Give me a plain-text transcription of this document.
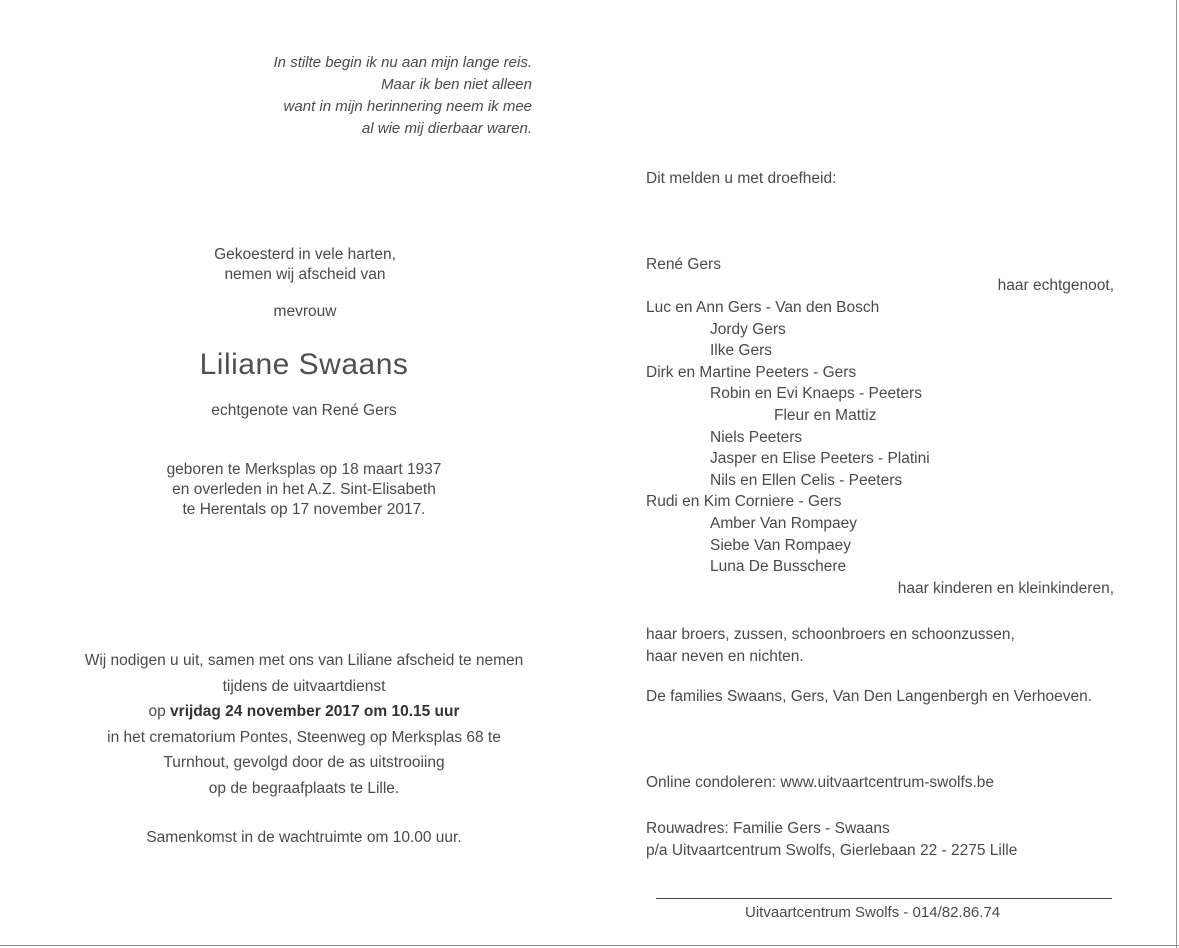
In stilte begin ik nu aan mijn lange reis.
Maar ik ben niet alleen
want in mijn herinnering neem ik mee
al wie mij dierbaar waren.
Gekoesterd in vele harten,
nemen wij afscheid van
mevrouw
Liliane Swaans
echtgenote van René Gers
geboren te Merksplas op 18 maart 1937
en overleden in het A.Z. Sint-Elisabeth
te Herentals op 17 november 2017.
Wij nodigen u uit, samen met ons van Liliane afscheid te nemen
tijdens de uitvaartdienst
op vrijdag 24 november 2017 om 10.15 uur
in het crematorium Pontes, Steenweg op Merksplas 68 te
Turnhout, gevolgd door de as uitstrooiing
op de begraafplaats te Lille.
Samenkomst in de wachtruimte om 10.00 uur.
Dit melden u met droefheid:
René Gers
haar echtgenoot,
Luc en Ann Gers - Van den Bosch
Jordy Gers
Ilke Gers
Dirk en Martine Peeters - Gers
Robin en Evi Knaeps - Peeters
Fleur en Mattiz
Niels Peeters
Jasper en Elise Peeters - Platini
Nils en Ellen Celis - Peeters
Rudi en Kim Corniere - Gers
Amber Van Rompaey
Siebe Van Rompaey
Luna De Busschere
haar kinderen en kleinkinderen,
haar broers, zussen, schoonbroers en schoonzussen,
haar neven en nichten.
De families Swaans, Gers, Van Den Langenbergh en Verhoeven.
Online condoleren: www.uitvaartcentrum-swolfs.be
Rouwadres: Familie Gers - Swaans
p/a Uitvaartcentrum Swolfs, Gierlebaan 22 - 2275 Lille
Uitvaartcentrum Swolfs - 014/82.86.74
